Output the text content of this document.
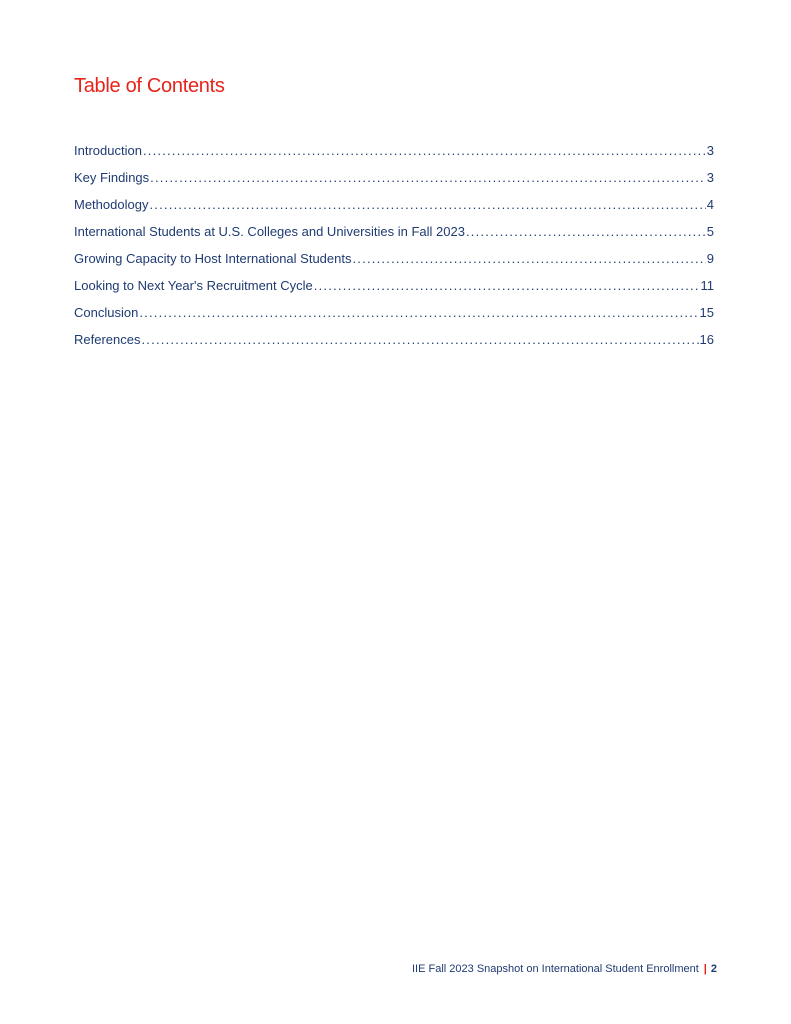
Table of Contents
Introduction . . .	3
Key Findings . . .	3
Methodology . . .	4
International Students at U.S. Colleges and Universities in Fall 2023 . . .	5
Growing Capacity to Host International Students . . .	9
Looking to Next Year's Recruitment Cycle . . .	11
Conclusion . . .	15
References . . .	16
IIE Fall 2023 Snapshot on International Student Enrollment | 2
